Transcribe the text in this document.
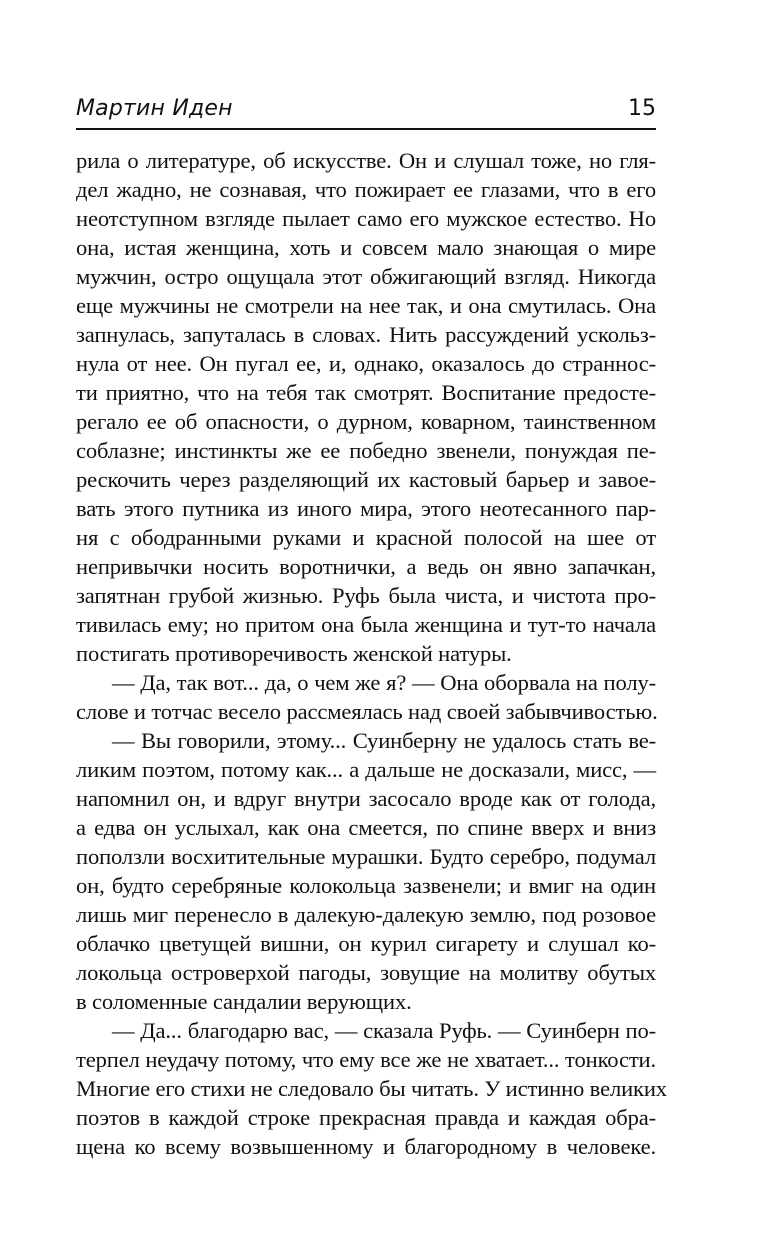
Мартин Иден	15
рила о литературе, об искусстве. Он и слушал тоже, но гля-
дел жадно, не сознавая, что пожирает ее глазами, что в его
неотступном взгляде пылает само его мужское естество. Но
она, истая женщина, хоть и совсем мало знающая о мире
мужчин, остро ощущала этот обжигающий взгляд. Никогда
еще мужчины не смотрели на нее так, и она смутилась. Она
запнулась, запуталась в словах. Нить рассуждений ускольз-
нула от нее. Он пугал ее, и, однако, оказалось до страннос-
ти приятно, что на тебя так смотрят. Воспитание предосте-
регало ее об опасности, о дурном, коварном, таинственном
соблазне; инстинкты же ее победно звенели, понуждая пе-
рескочить через разделяющий их кастовый барьер и завое-
вать этого путника из иного мира, этого неотесанного пар-
ня с ободранными руками и красной полосой на шее от
непривычки носить воротнички, а ведь он явно запачкан,
запятнан грубой жизнью. Руфь была чиста, и чистота про-
тивилась ему; но притом она была женщина и тут-то начала
постигать противоречивость женской натуры.
— Да, так вот... да, о чем же я? — Она оборвала на полу-
слове и тотчас весело рассмеялась над своей забывчивостью.
— Вы говорили, этому... Суинберну не удалось стать ве-
ликим поэтом, потому как... а дальше не досказали, мисс, —
напомнил он, и вдруг внутри засосало вроде как от голода,
а едва он услыхал, как она смеется, по спине вверх и вниз
поползли восхитительные мурашки. Будто серебро, подумал
он, будто серебряные колокольца зазвенели; и вмиг на один
лишь миг перенесло в далекую-далекую землю, под розовое
облачко цветущей вишни, он курил сигарету и слушал ко-
локольца островерхой пагоды, зовущие на молитву обутых
в соломенные сандалии верующих.
— Да... благодарю вас, — сказала Руфь. — Суинберн по-
терпел неудачу потому, что ему все же не хватает... тонкости.
Многие его стихи не следовало бы читать. У истинно великих
поэтов в каждой строке прекрасная правда и каждая обра-
щена ко всему возвышенному и благородному в человеке.
